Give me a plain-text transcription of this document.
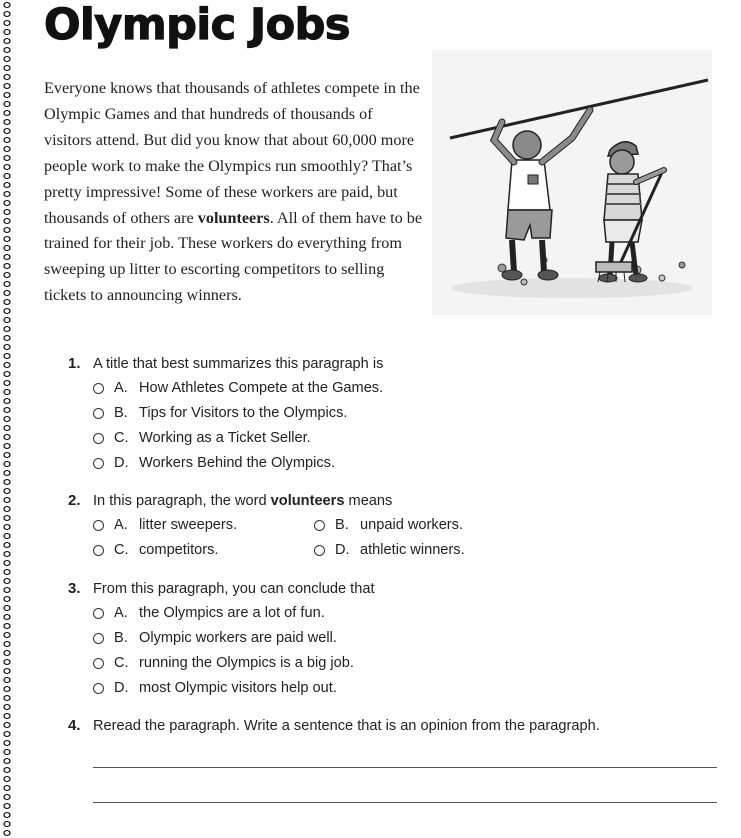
Olympic Jobs
Everyone knows that thousands of athletes compete in the Olympic Games and that hundreds of thousands of visitors attend. But did you know that about 60,000 more people work to make the Olympics run smoothly? That’s pretty impressive! Some of these workers are paid, but thousands of others are volunteers. All of them have to be trained for their job. These workers do everything from sweeping up litter to escorting competitors to selling tickets to announcing winners.
1. A title that best summarizes this paragraph is
A. How Athletes Compete at the Games.
B. Tips for Visitors to the Olympics.
C. Working as a Ticket Seller.
D. Workers Behind the Olympics.
2. In this paragraph, the word volunteers means
A. litter sweepers.	B. unpaid workers.
C. competitors.	D. athletic winners.
3. From this paragraph, you can conclude that
A. the Olympics are a lot of fun.
B. Olympic workers are paid well.
C. running the Olympics is a big job.
D. most Olympic visitors help out.
4. Reread the paragraph. Write a sentence that is an opinion from the paragraph.
